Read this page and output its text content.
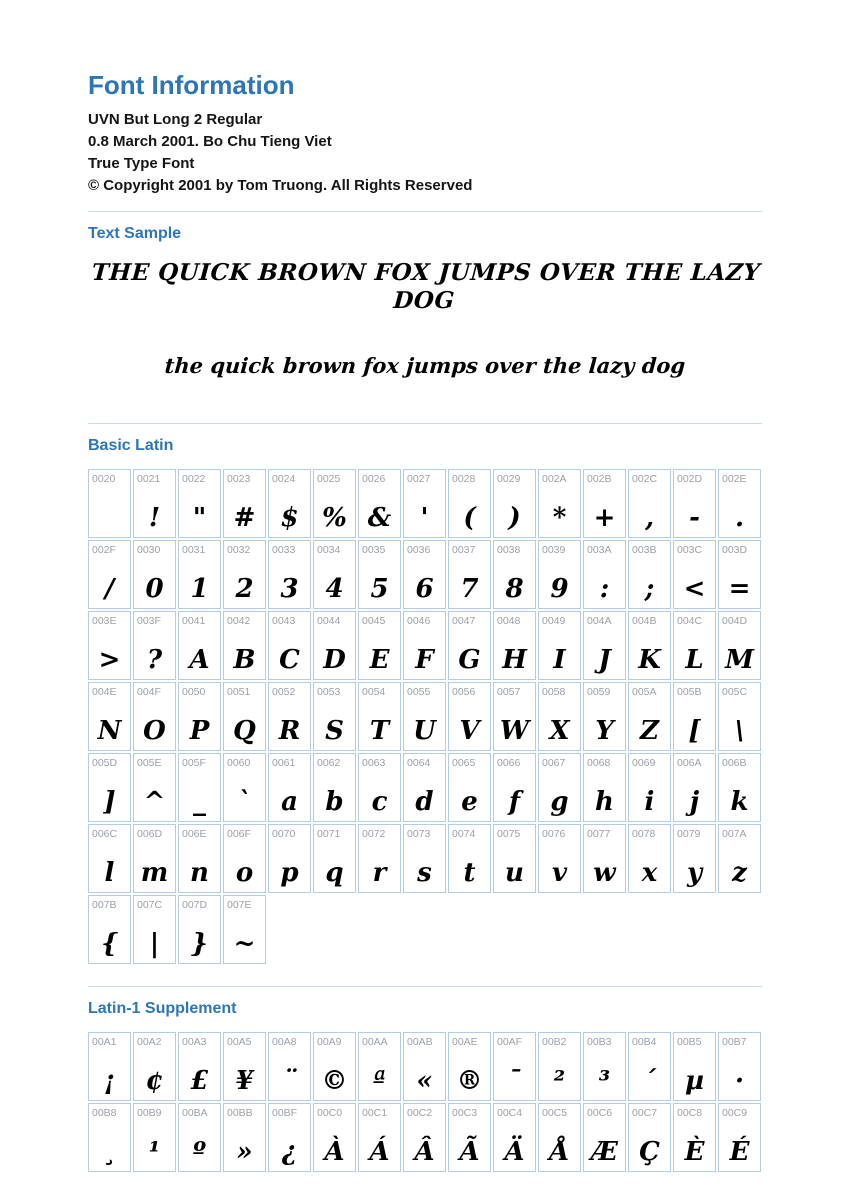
Font Information

UVN But Long 2 Regular

0.8 March 2001. Bo Chu Tieng Viet

True Type Font

© Copyright 2001 by Tom Truong. All Rights Reserved

Text Sample

THE QUICK BROWN FOX JUMPS OVER THE LAZY DOG

the quick brown fox jumps over the lazy dog

Basic Latin
0020	0021
!
0022
"
0023
#
0024
$
0025
%
0026
&
0027
'
0028
(
0029
)
002A
*
002B
+
002C
,
002D
-
002E
.
002F
/
0030
0
0031
1
0032
2
0033
3
0034
4
0035
5
0036
6
0037
7
0038
8
0039
9
003A
:
003B
;
003C
<
003D
=
003E
>
003F
?
0041
A
0042
B
0043
C
0044
D
0045
E
0046
F
0047
G
0048
H
0049
I
004A
J
004B
K
004C
L
004D
M
004E
N
004F
O
0050
P
0051
Q
0052
R
0053
S
0054
T
0055
U
0056
V
0057
W
0058
X
0059
Y
005A
Z
005B
[
005C
\
005D
]
005E
^
005F
_
0060
`
0061
a
0062
b
0063
c
0064
d
0065
e
0066
f
0067
g
0068
h
0069
i
006A
j
006B
k
006C
l
006D
m
006E
n
006F
o
0070
p
0071
q
0072
r
0073
s
0074
t
0075
u
0076
v
0077
w
0078
x
0079
y
007A
z
007B
{
007C
|
007D
}
007E
~
Latin-1 Supplement
00A1
¡
00A2
¢
00A3
£
00A5
¥
00A8
¨
00A9
©
00AA
ª
00AB
«
00AE
®
00AF
¯
00B2
²
00B3
³
00B4
´
00B5
µ
00B7
·
00B8
¸
00B9
¹
00BA
º
00BB
»
00BF
¿
00C0
À
00C1
Á
00C2
Â
00C3
Ã
00C4
Ä
00C5
Å
00C6
Æ
00C7
Ç
00C8
È
00C9
É
